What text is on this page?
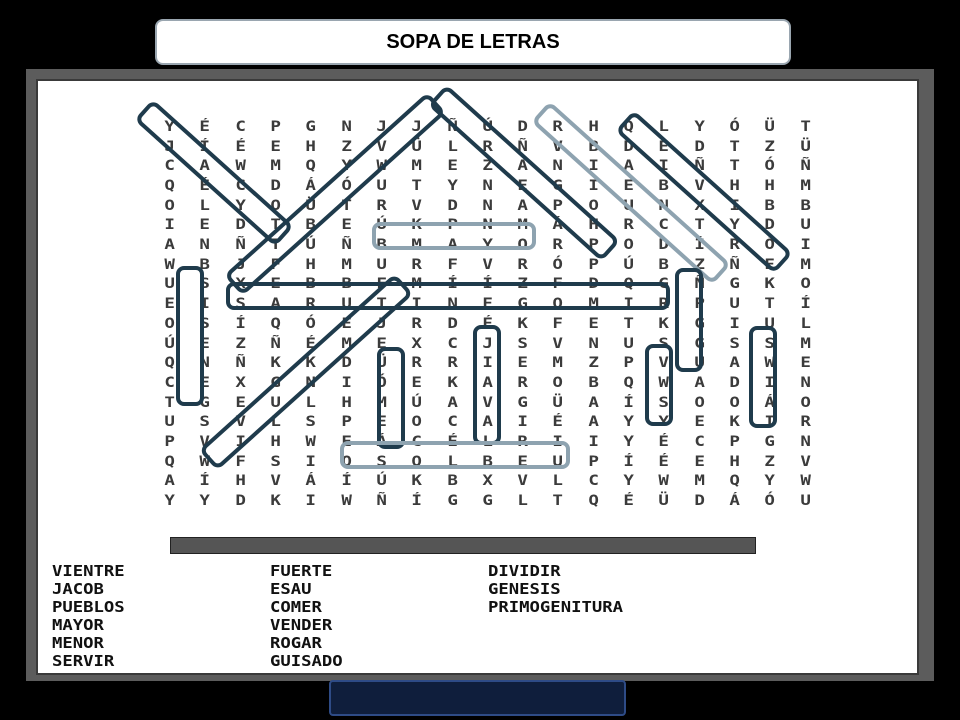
SOPA DE LETRAS
Y	É	C	P	G	N	J	J	Ñ	Ú	D	R	H	Q	L	Y	Ó	Ü	T
J	Í	É	E	H	Z	V	Ü	L	R	Ñ	V	B	D	E	D	T	Z	Ü
C	A	W	M	Q	Y	W	M	E	Z	A	N	I	A	I	Ñ	T	Ó	Ñ
Q	É	C	D	Á	Ó	U	T	Y	N	E	G	I	E	B	V	H	H	M
O	L	Y	O	Ü	T	R	V	D	N	A	P	O	U	N	X	I	B	B
I	E	D	T	B	E	Ú	K	P	N	M	Á	H	R	C	T	Y	D	U
A	N	Ñ	T	Ú	Ñ	B	M	A	Y	O	R	P	O	D	Í	R	Ó	I
W	B	J	F	H	M	U	R	F	V	R	Ó	P	Ú	B	Z	Ñ	E	M
U	S	X	E	B	B	F	M	Í	Í	Z	F	D	Q	G	Ñ	G	K	O
E	I	S	A	R	U	T	I	N	E	G	O	M	I	R	P	U	T	Í
O	S	Í	Q	Ó	E	J	R	D	É	K	F	E	T	K	G	I	U	L
Ú	E	Z	Ñ	É	M	E	X	C	J	S	V	N	U	S	G	S	S	M
Q	N	Ñ	K	K	D	Ü	R	R	I	E	M	Z	P	V	U	A	W	E
C	E	X	G	N	I	Ó	E	K	A	R	O	B	Q	W	A	D	I	N
T	G	E	U	L	H	M	Ú	A	V	G	Ü	A	Í	S	O	O	Á	O
U	S	V	L	S	P	E	O	C	A	I	É	A	Y	Y	E	K	I	R
P	V	I	H	W	E	Á	C	É	L	R	I	I	Y	É	C	P	G	N
Q	W	F	S	I	O	S	O	L	B	E	U	P	Í	É	E	H	Z	V
A	Í	H	V	Á	Í	Ú	K	B	X	V	L	C	Y	W	M	Q	Y	W
Y	Y	D	K	I	W	Ñ	Í	G	G	L	T	Q	É	Ü	D	Á	Ó	U
VIENTRE
JACOB
PUEBLOS
MAYOR
MENOR
SERVIR
FUERTE
ESAU
COMER
VENDER
ROGAR
GUISADO
DIVIDIR
GENESIS
PRIMOGENITURA
